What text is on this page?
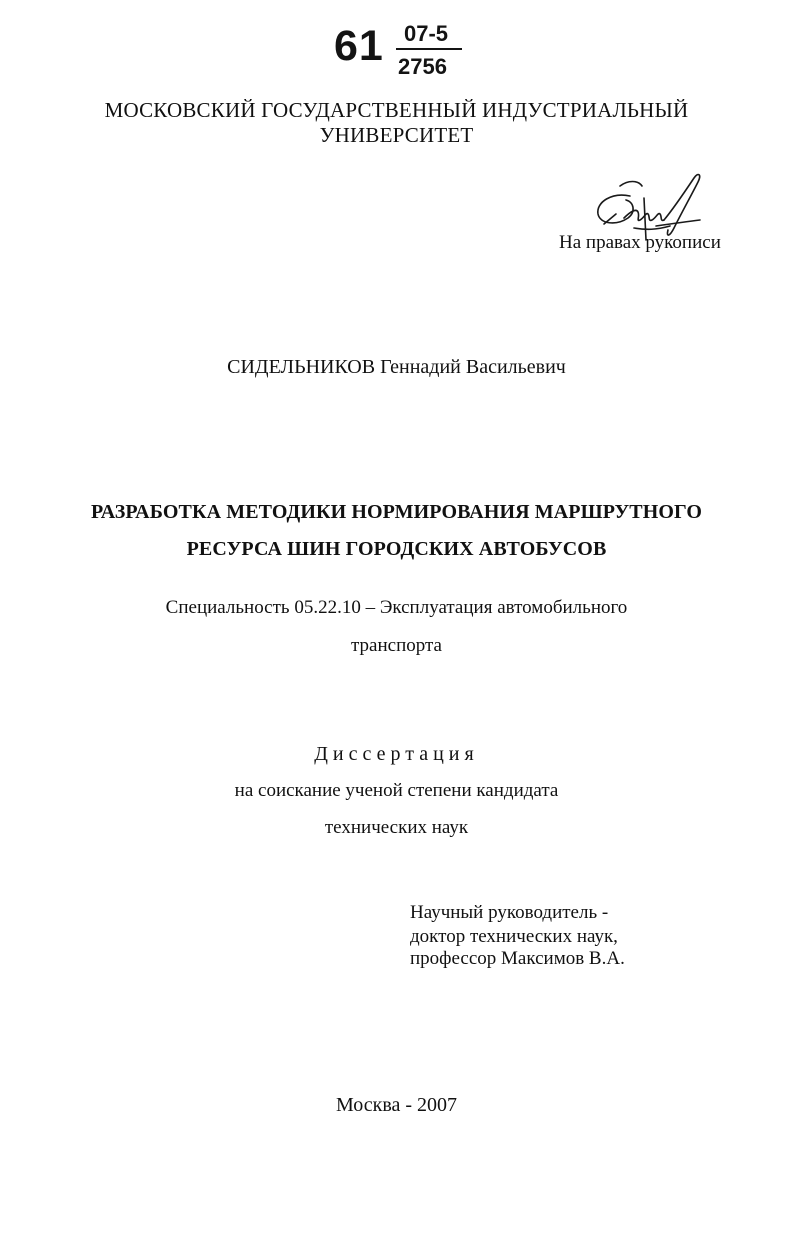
61 07-5
2756
МОСКОВСКИЙ ГОСУДАРСТВЕННЫЙ ИНДУСТРИАЛЬНЫЙ
УНИВЕРСИТЕТ
На правах рукописи
СИДЕЛЬНИКОВ Геннадий Васильевич
РАЗРАБОТКА МЕТОДИКИ НОРМИРОВАНИЯ МАРШРУТНОГО
РЕСУРСА ШИН ГОРОДСКИХ АВТОБУСОВ
Специальность 05.22.10 – Эксплуатация автомобильного
транспорта
Диссертация
на соискание ученой степени кандидата
технических наук
Научный руководитель -
доктор технических наук,
профессор Максимов В.А.
Москва - 2007
